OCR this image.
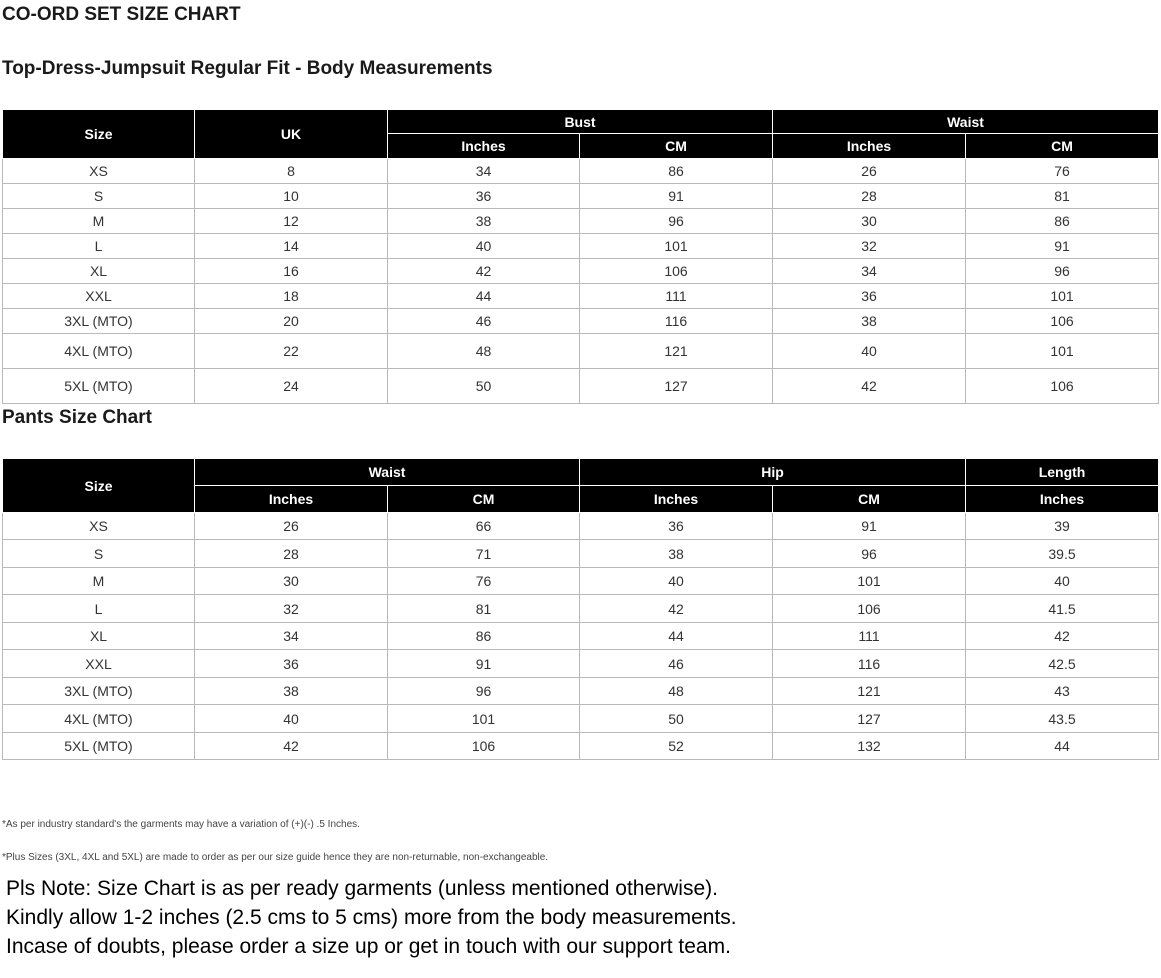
CO-ORD SET SIZE CHART
Top-Dress-Jumpsuit Regular Fit - Body Measurements
Size	UK	Bust		Waist	
		Inches	CM	Inches	CM
XS	8	34	86	26	76
S	10	36	91	28	81
M	12	38	96	30	86
L	14	40	101	32	91
XL	16	42	106	34	96
XXL	18	44	111	36	101
3XL (MTO)	20	46	116	38	106
4XL (MTO)	22	48	121	40	101
5XL (MTO)	24	50	127	42	106
Pants Size Chart
Size	Waist		Hip		Length
	Inches	CM	Inches	CM	Inches
XS	26	66	36	91	39
S	28	71	38	96	39.5
M	30	76	40	101	40
L	32	81	42	106	41.5
XL	34	86	44	111	42
XXL	36	91	46	116	42.5
3XL (MTO)	38	96	48	121	43
4XL (MTO)	40	101	50	127	43.5
5XL (MTO)	42	106	52	132	44
*As per industry standard's the garments may have a variation of (+)(-) .5 Inches.
*Plus Sizes (3XL, 4XL and 5XL) are made to order as per our size guide hence they are non-returnable, non-exchangeable.
Pls Note: Size Chart is as per ready garments (unless mentioned otherwise).
Kindly allow 1-2 inches (2.5 cms to 5 cms) more from the body measurements.
Incase of doubts, please order a size up or get in touch with our support team.
